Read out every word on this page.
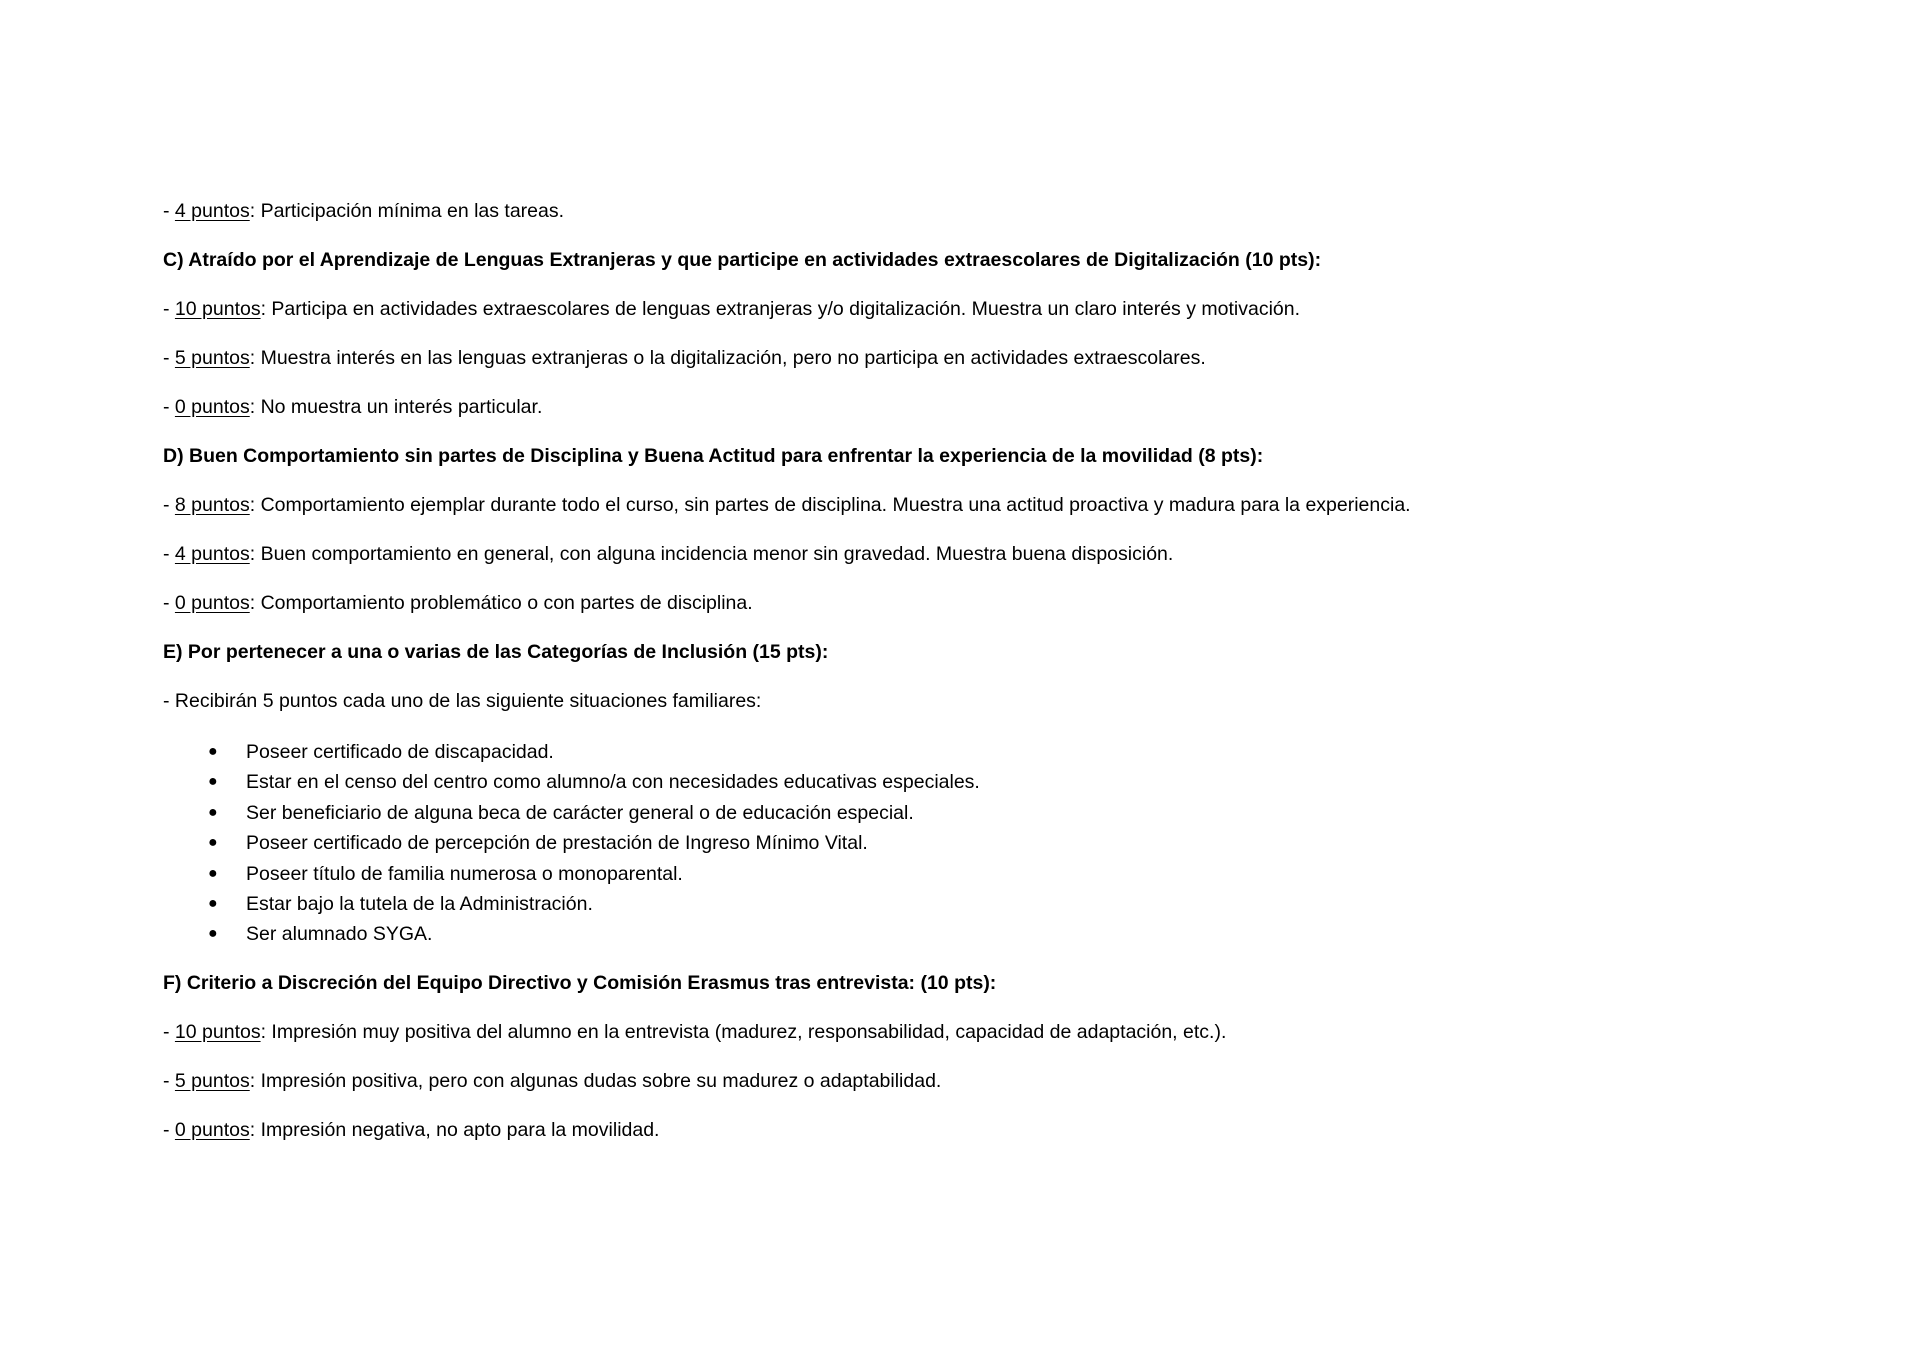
- 4 puntos: Participación mínima en las tareas.
C) Atraído por el Aprendizaje de Lenguas Extranjeras y que participe en actividades extraescolares de Digitalización (10 pts):
- 10 puntos: Participa en actividades extraescolares de lenguas extranjeras y/o digitalización. Muestra un claro interés y motivación.
- 5 puntos: Muestra interés en las lenguas extranjeras o la digitalización, pero no participa en actividades extraescolares.
- 0 puntos: No muestra un interés particular.
D) Buen Comportamiento sin partes de Disciplina y Buena Actitud para enfrentar la experiencia de la movilidad (8 pts):
- 8 puntos: Comportamiento ejemplar durante todo el curso, sin partes de disciplina. Muestra una actitud proactiva y madura para la experiencia.
- 4 puntos: Buen comportamiento en general, con alguna incidencia menor sin gravedad. Muestra buena disposición.
- 0 puntos: Comportamiento problemático o con partes de disciplina.
E) Por pertenecer a una o varias de las Categorías de Inclusión (15 pts):
- Recibirán 5 puntos cada uno de las siguiente situaciones familiares:
● Poseer certificado de discapacidad.
● Estar en el censo del centro como alumno/a con necesidades educativas especiales.
● Ser beneficiario de alguna beca de carácter general o de educación especial.
● Poseer certificado de percepción de prestación de Ingreso Mínimo Vital.
● Poseer título de familia numerosa o monoparental.
● Estar bajo la tutela de la Administración.
● Ser alumnado SYGA.
F) Criterio a Discreción del Equipo Directivo y Comisión Erasmus tras entrevista: (10 pts):
- 10 puntos: Impresión muy positiva del alumno en la entrevista (madurez, responsabilidad, capacidad de adaptación, etc.).
- 5 puntos: Impresión positiva, pero con algunas dudas sobre su madurez o adaptabilidad.
- 0 puntos: Impresión negativa, no apto para la movilidad.
